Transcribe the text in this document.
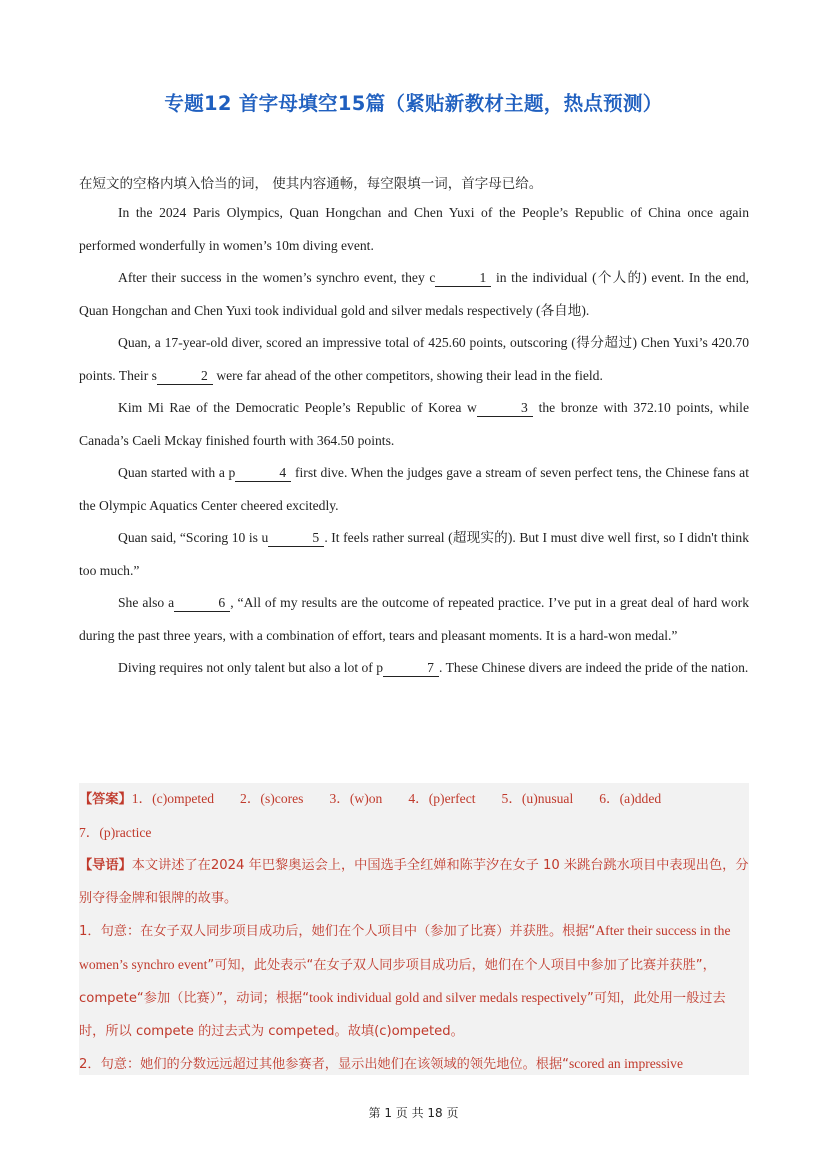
专题12 首字母填空15篇（紧贴新教材主题，热点预测）
在短文的空格内填入恰当的词， 使其内容通畅，每空限填一词，首字母已给。

In the 2024 Paris Olympics, Quan Hongchan and Chen Yuxi of the People’s Republic of China once again performed wonderfully in women’s 10m diving event.

After their success in the women’s synchro event, they c	1 in the individual (个人的) event. In the end, Quan Hongchan and Chen Yuxi took individual gold and silver medals respectively (各自地).

Quan, a 17-year-old diver, scored an impressive total of 425.60 points, outscoring (得分超过) Chen Yuxi’s 420.70 points. Their s	2 were far ahead of the other competitors, showing their lead in the field.

Kim Mi Rae of the Democratic People’s Republic of Korea w	3 the bronze with 372.10 points, while Canada’s Caeli Mckay finished fourth with 364.50 points.

Quan started with a p	4 first dive. When the judges gave a stream of seven perfect tens, the Chinese fans at the Olympic Aquatics Center cheered excitedly.

Quan said, “Scoring 10 is u	5 . It feels rather surreal (超现实的). But I must dive well first, so I didn't think too much.”

She also a	6 , “All of my results are the outcome of repeated practice. I’ve put in a great deal of hard work during the past three years, with a combination of effort, tears and pleasant moments. It is a hard-won medal.”

Diving requires not only talent but also a lot of p	7 . These Chinese divers are indeed the pride of the nation.

【答案】1．(c)ompeted 2．(s)cores 3．(w)on 4．(p)erfect 5．(u)nusual 6．(a)dded
7．(p)ractice

【导语】本文讲述了在2024 年巴黎奥运会上，中国选手全红婵和陈芋汐在女子 10 米跳台跳水项目中表现出色，分别夺得金牌和银牌的故事。

1．句意：在女子双人同步项目成功后，她们在个人项目中（参加了比赛）并获胜。根据“After their success in the women’s synchro event”可知，此处表示“在女子双人同步项目成功后，她们在个人项目中参加了比赛并获胜”，compete“参加（比赛）”，动词；根据“took individual gold and silver medals respectively”可知，此处用一般过去时，所以 compete 的过去式为 competed。故填(c)ompeted。

2．句意：她们的分数远远超过其他参赛者，显示出她们在该领域的领先地位。根据“scored an impressive

第 1 页 共 18 页
